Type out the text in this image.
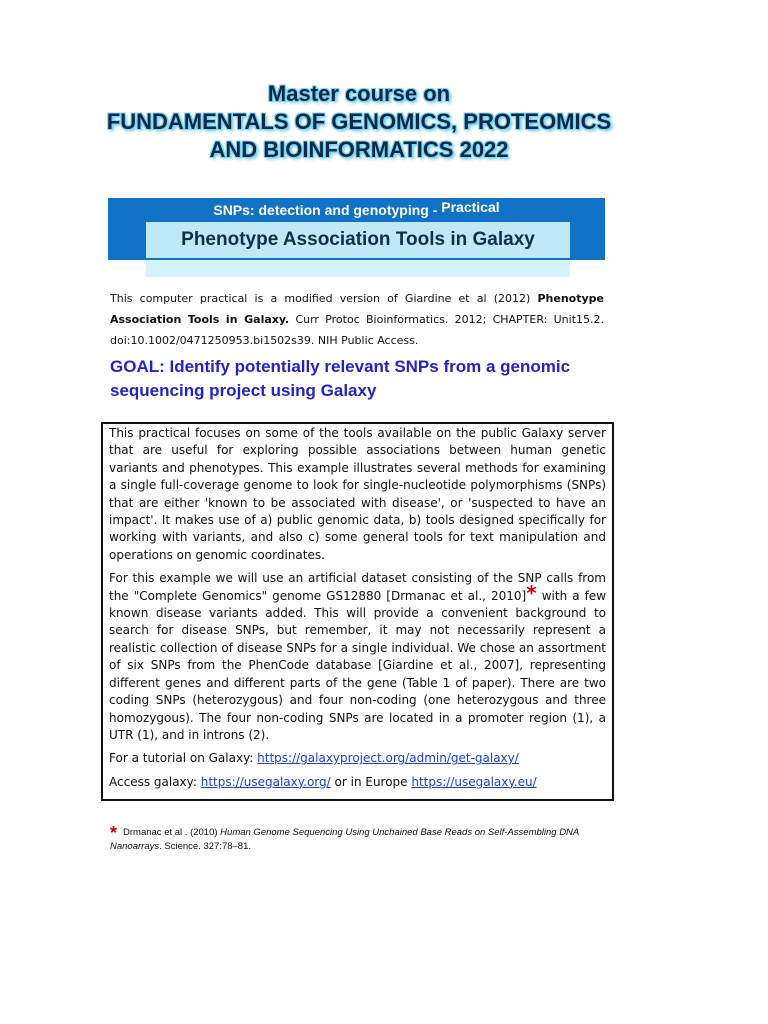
Master course on
FUNDAMENTALS OF GENOMICS, PROTEOMICS
AND BIOINFORMATICS 2022
SNPs: detection and genotyping - Practical
Phenotype Association Tools in Galaxy
This computer practical is a modified version of Giardine et al (2012) Phenotype Association Tools in Galaxy. Curr Protoc Bioinformatics. 2012; CHAPTER: Unit15.2. doi:10.1002/0471250953.bi1502s39. NIH Public Access.
GOAL: Identify potentially relevant SNPs from a genomic sequencing project using Galaxy

This practical focuses on some of the tools available on the public Galaxy server that are useful for exploring possible associations between human genetic variants and phenotypes. This example illustrates several methods for examining a single full-coverage genome to look for single-nucleotide polymorphisms (SNPs) that are either 'known to be associated with disease', or 'suspected to have an impact'. It makes use of a) public genomic data, b) tools designed specifically for working with variants, and also c) some general tools for text manipulation and operations on genomic coordinates.

For this example we will use an artificial dataset consisting of the SNP calls from the "Complete Genomics" genome GS12880 [Drmanac et al., 2010]* with a few known disease variants added. This will provide a convenient background to search for disease SNPs, but remember, it may not necessarily represent a realistic collection of disease SNPs for a single individual. We chose an assortment of six SNPs from the PhenCode database [Giardine et al., 2007], representing different genes and different parts of the gene (Table 1 of paper). There are two coding SNPs (heterozygous) and four non-coding (one heterozygous and three homozygous). The four non-coding SNPs are located in a promoter region (1), a UTR (1), and in introns (2).

For a tutorial on Galaxy: https://galaxyproject.org/admin/get-galaxy/

Access galaxy: https://usegalaxy.org/ or in Europe https://usegalaxy.eu/

* Drmanac et al . (2010) Human Genome Sequencing Using Unchained Base Reads on Self-Assembling DNA Nanoarrays. Science. 327:78–81.
